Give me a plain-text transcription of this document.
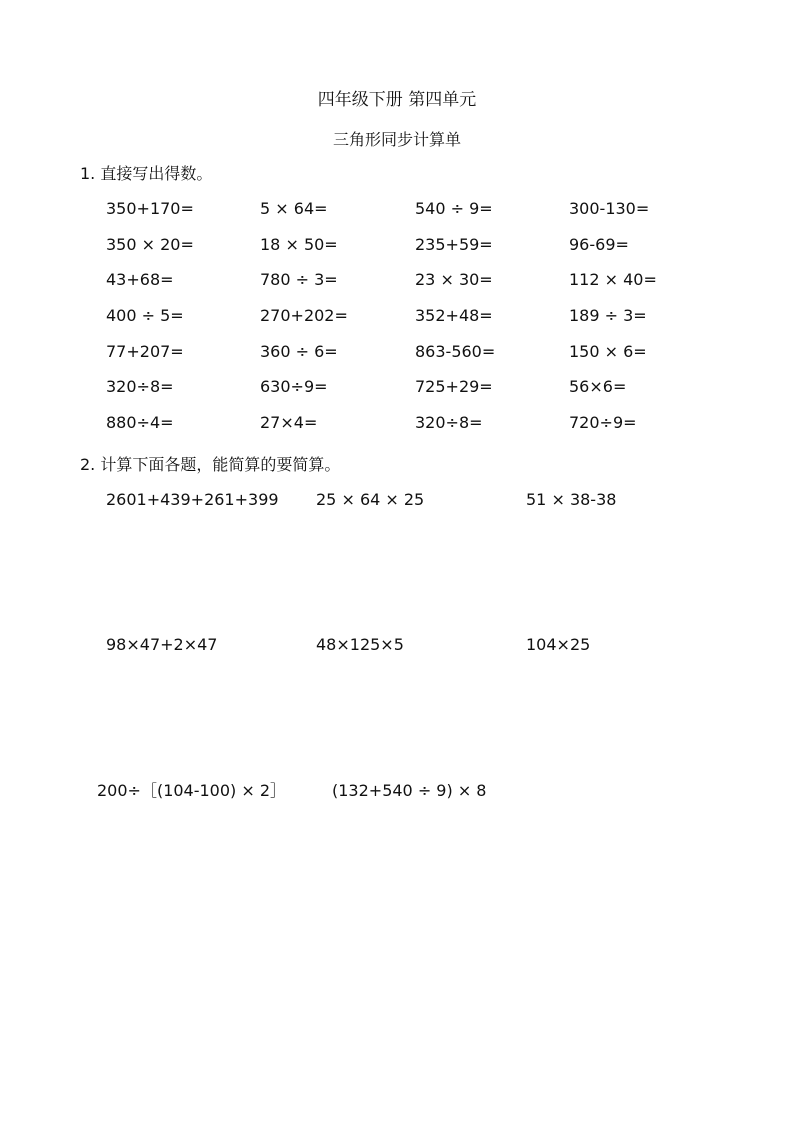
四年级下册 第四单元
三角形同步计算单
1. 直接写出得数。
350+170=	5 × 64=	540 ÷ 9=	300-130=
350 × 20=	18 × 50=	235+59=	96-69=
43+68=	780 ÷ 3=	23 × 30=	112 × 40=
400 ÷ 5=	270+202=	352+48=	189 ÷ 3=
77+207=	360 ÷ 6=	863-560=	150 × 6=
320÷8=	630÷9=	725+29=	56×6=
880÷4=	27×4=	320÷8=	720÷9=
2. 计算下面各题，能简算的要简算。
2601+439+261+399	25 × 64 × 25	51 × 38-38
98×47+2×47	48×125×5	104×25
200÷［(104-100) × 2］	(132+540 ÷ 9) × 8
